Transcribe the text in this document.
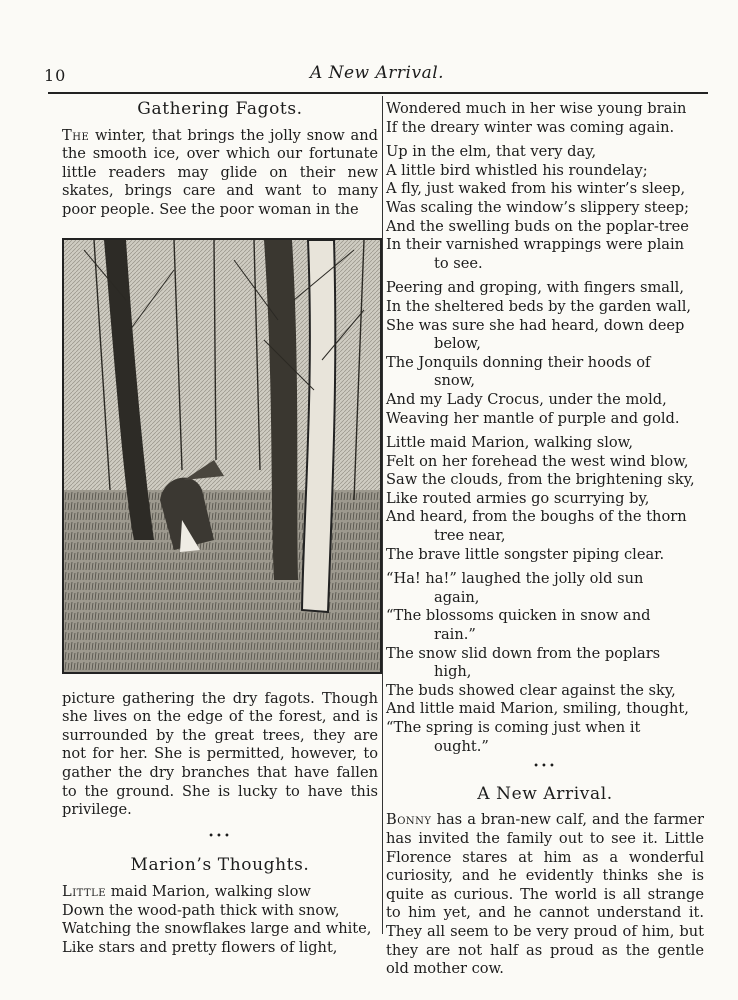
10	A New Arrival.
Gathering Fagots.

The winter, that brings the jolly snow and the smooth ice, over which our fortunate little readers may glide on their new skates, brings care and want to many poor people. See the poor woman in the

picture gathering the dry fagots. Though she lives on the edge of the forest, and is surrounded by the great trees, they are not for her. She is permitted, however, to gather the dry branches that have fallen to the ground. She is lucky to have this privilege.

•••
Marion’s Thoughts.
Little maid Marion, walking slow
Down the wood-path thick with snow,
Watching the snowflakes large and white,
Like stars and pretty flowers of light,
Wondered much in her wise young brain
If the dreary winter was coming again.
Up in the elm, that very day,
A little bird whistled his roundelay;
A fly, just waked from his winter’s sleep,
Was scaling the window’s slippery steep;
And the swelling buds on the poplar-tree
In their varnished wrappings were plain
to see.
Peering and groping, with fingers small,
In the sheltered beds by the garden wall,
She was sure she had heard, down deep
below,
The Jonquils donning their hoods of
snow,
And my Lady Crocus, under the mold,
Weaving her mantle of purple and gold.
Little maid Marion, walking slow,
Felt on her forehead the west wind blow,
Saw the clouds, from the brightening sky,
Like routed armies go scurrying by,
And heard, from the boughs of the thorn
tree near,
The brave little songster piping clear.
“Ha! ha!” laughed the jolly old sun
again,
“The blossoms quicken in snow and
rain.”
The snow slid down from the poplars
high,
The buds showed clear against the sky,
And little maid Marion, smiling, thought,
“The spring is coming just when it
ought.”
•••
A New Arrival.

Bonny has a bran-new calf, and the farmer has invited the family out to see it. Little Florence stares at him as a wonderful curiosity, and he evidently thinks she is quite as curious. The world is all strange to him yet, and he cannot understand it. They all seem to be very proud of him, but they are not half as proud as the gentle old mother cow.
